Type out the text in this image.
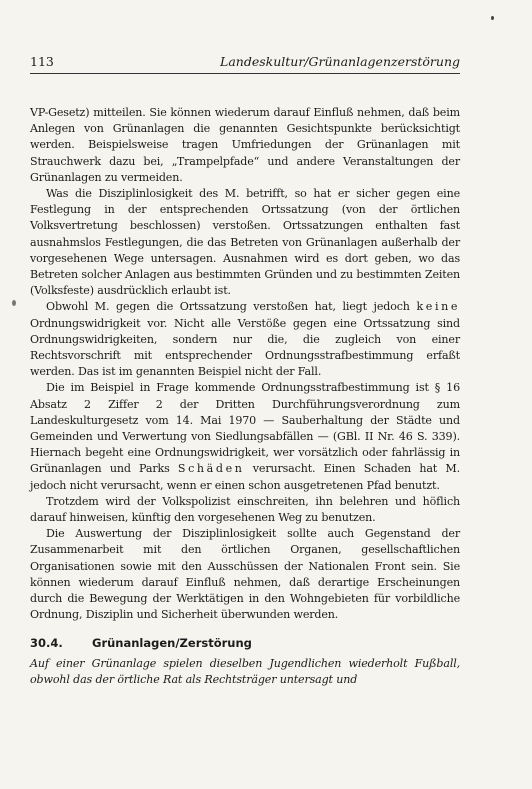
113	Landeskultur/Grünanlagenzerstörung

VP-Gesetz) mitteilen. Sie können wiederum darauf Einfluß nehmen, daß beim Anlegen von Grünanlagen die genannten Gesichtspunkte berücksichtigt werden. Beispielsweise tragen Umfriedungen der Grünanlagen mit Strauchwerk dazu bei, „Trampelpfade“ und andere Veranstaltungen der Grünanlagen zu vermeiden.

Was die Disziplinlosigkeit des M. betrifft, so hat er sicher gegen eine Festlegung in der entsprechenden Ortssatzung (von der örtlichen Volksvertretung beschlossen) verstoßen. Ortssatzungen enthalten fast ausnahmslos Festlegungen, die das Betreten von Grünanlagen außerhalb der vorgesehenen Wege untersagen. Ausnahmen wird es dort geben, wo das Betreten solcher Anlagen aus bestimmten Gründen und zu bestimmten Zeiten (Volksfeste) ausdrücklich erlaubt ist.

Obwohl M. gegen die Ortssatzung verstoßen hat, liegt jedoch keine Ordnungswidrigkeit vor. Nicht alle Verstöße gegen eine Ortssatzung sind Ordnungswidrigkeiten, sondern nur die, die zugleich von einer Rechtsvorschrift mit entsprechender Ordnungsstrafbestimmung erfaßt werden. Das ist im genannten Beispiel nicht der Fall.

Die im Beispiel in Frage kommende Ordnungsstrafbestimmung ist § 16 Absatz 2 Ziffer 2 der Dritten Durchführungsverordnung zum Landeskulturgesetz vom 14. Mai 1970 — Sauberhaltung der Städte und Gemeinden und Verwertung von Siedlungsabfällen — (GBl. II Nr. 46 S. 339). Hiernach begeht eine Ordnungswidrigkeit, wer vorsätzlich oder fahrlässig in Grünanlagen und Parks Schäden verursacht. Einen Schaden hat M. jedoch nicht verursacht, wenn er einen schon ausgetretenen Pfad benutzt.

Trotzdem wird der Volkspolizist einschreiten, ihn belehren und höflich darauf hinweisen, künftig den vorgesehenen Weg zu benutzen.

Die Auswertung der Disziplinlosigkeit sollte auch Gegenstand der Zusammenarbeit mit den örtlichen Organen, gesellschaftlichen Organisationen sowie mit den Ausschüssen der Nationalen Front sein. Sie können wiederum darauf Einfluß nehmen, daß derartige Erscheinungen durch die Bewegung der Werktätigen in den Wohngebieten für vorbildliche Ordnung, Disziplin und Sicherheit überwunden werden.

30.4.	Grünanlagen/Zerstörung

Auf einer Grünanlage spielen dieselben Jugendlichen wiederholt Fußball, obwohl das der örtliche Rat als Rechtsträger untersagt und
